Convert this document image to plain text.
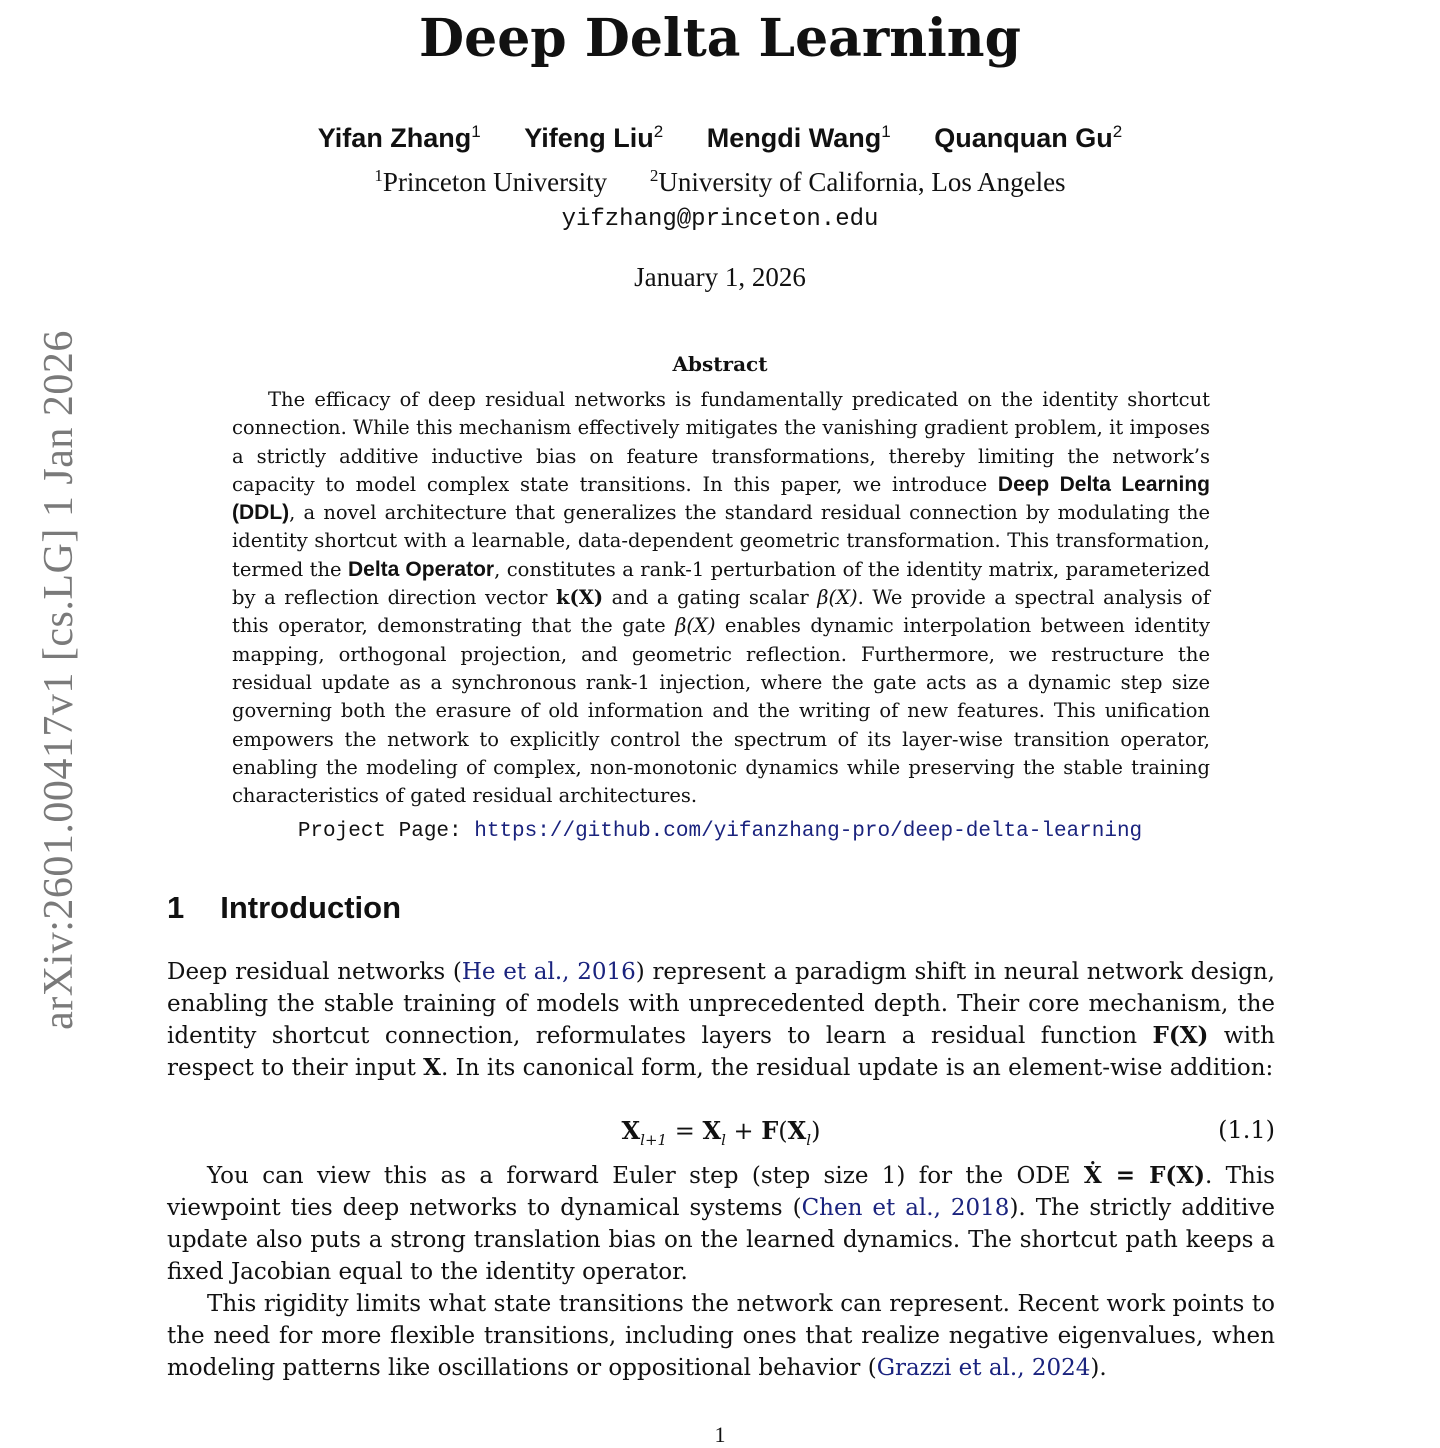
arXiv:2601.00417v1 [cs.LG] 1 Jan 2026
Deep Delta Learning
Yifan Zhang$^1$ Yifeng Liu$^2$ Mengdi Wang$^1$ Quanquan Gu$^2$
$^1$Princeton University	$^2$University of California, Los Angeles
yifzhang@princeton.edu
January 1, 2026
Abstract

The efficacy of deep residual networks is fundamentally predicated on the identity shortcut connection. While this mechanism effectively mitigates the vanishing gradient problem, it imposes a strictly additive inductive bias on feature transformations, thereby limiting the network’s capacity to model complex state transitions. In this paper, we introduce Deep Delta Learning (DDL), a novel architecture that generalizes the standard residual connection by modulating the identity shortcut with a learnable, data-dependent geometric transformation. This transformation, termed the Delta Operator, constitutes a rank-1 perturbation of the identity matrix, parameterized by a reflection direction vector k(X) and a gating scalar β(X). We provide a spectral analysis of this operator, demonstrating that the gate β(X) enables dynamic interpolation between identity mapping, orthogonal projection, and geometric reflection. Furthermore, we restructure the residual update as a synchronous rank-1 injection, where the gate acts as a dynamic step size governing both the erasure of old information and the writing of new features. This unification empowers the network to explicitly control the spectrum of its layer-wise transition operator, enabling the modeling of complex, non-monotonic dynamics while preserving the stable training characteristics of gated residual architectures.

Project Page: https://github.com/yifanzhang-pro/deep-delta-learning
1 Introduction

Deep residual networks (He et al., 2016) represent a paradigm shift in neural network design, enabling the stable training of models with unprecedented depth. Their core mechanism, the identity shortcut connection, reformulates layers to learn a residual function F(X) with respect to their input X. In its canonical form, the residual update is an element-wise addition:

$X_{l+1} = X_l + F(X_l)$	(1.1)

You can view this as a forward Euler step (step size 1) for the ODE Ẋ = F(X). This viewpoint ties deep networks to dynamical systems (Chen et al., 2018). The strictly additive update also puts a strong translation bias on the learned dynamics. The shortcut path keeps a fixed Jacobian equal to the identity operator.

This rigidity limits what state transitions the network can represent. Recent work points to the need for more flexible transitions, including ones that realize negative eigenvalues, when modeling patterns like oscillations or oppositional behavior (Grazzi et al., 2024).

1
